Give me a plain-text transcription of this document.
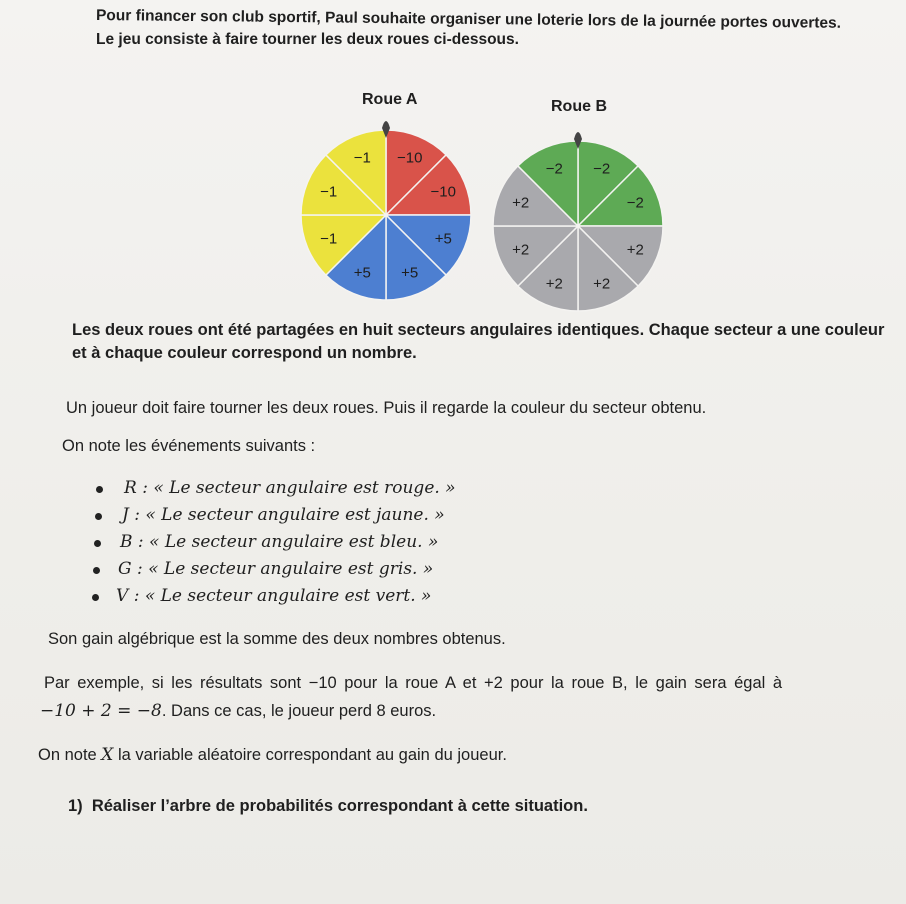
Pour financer son club sportif, Paul souhaite organiser une loterie lors de la journée portes ouvertes.
Le jeu consiste à faire tourner les deux roues ci-dessous.
Roue A	Roue B
−10
−10
+5
+5
+5
−1
−1
−1
−2
−2
+2
+2
+2
+2
+2
−2
Les deux roues ont été partagées en huit secteurs angulaires identiques. Chaque secteur a une couleur
et à chaque couleur correspond un nombre.
Un joueur doit faire tourner les deux roues. Puis il regarde la couleur du secteur obtenu.
On note les événements suivants :
R : « Le secteur angulaire est rouge. »
J : « Le secteur angulaire est jaune. »
B : « Le secteur angulaire est bleu. »
G : « Le secteur angulaire est gris. »
V : « Le secteur angulaire est vert. »
Son gain algébrique est la somme des deux nombres obtenus.
Par exemple, si les résultats sont −10 pour la roue A et +2 pour la roue B, le gain sera égal à
−10 + 2 = −8. Dans ce cas, le joueur perd 8 euros.
On note X la variable aléatoire correspondant au gain du joueur.
1) Réaliser l’arbre de probabilités correspondant à cette situation.
